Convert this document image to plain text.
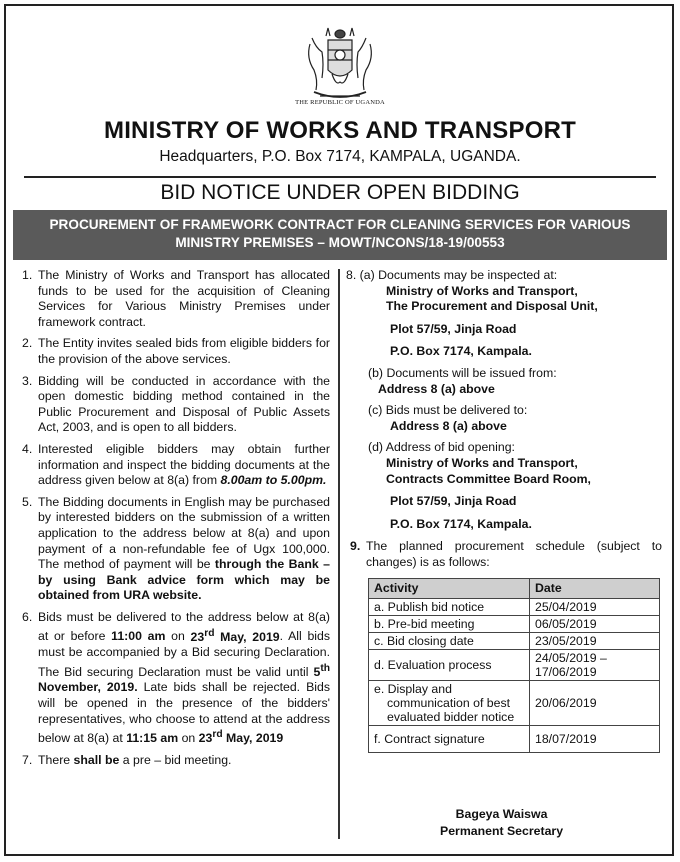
THE REPUBLIC OF UGANDA
MINISTRY OF WORKS AND TRANSPORT
Headquarters, P.O. Box 7174, KAMPALA, UGANDA.
BID NOTICE UNDER OPEN BIDDING
PROCUREMENT OF FRAMEWORK CONTRACT FOR CLEANING SERVICES FOR VARIOUS
MINISTRY PREMISES – MOWT/NCONS/18-19/00553
1. The Ministry of Works and Transport has allocated funds to be used for the acquisition of Cleaning Services for Various Ministry Premises under framework contract.
2. The Entity invites sealed bids from eligible bidders for the provision of the above services.
3. Bidding will be conducted in accordance with the open domestic bidding method contained in the Public Procurement and Disposal of Public Assets Act, 2003, and is open to all bidders.
4. Interested eligible bidders may obtain further information and inspect the bidding documents at the address given below at 8(a) from 8.00am to 5.00pm.
5. The Bidding documents in English may be purchased by interested bidders on the submission of a written application to the address below at 8(a) and upon payment of a non-refundable fee of Ugx 100,000. The method of payment will be through the Bank – by using Bank advice form which may be obtained from URA website.
6. Bids must be delivered to the address below at 8(a) at or before 11:00 am on 23rd May, 2019. All bids must be accompanied by a Bid securing Declaration. The Bid securing Declaration must be valid until 5th November, 2019. Late bids shall be rejected. Bids will be opened in the presence of the bidders' representatives, who choose to attend at the address below at 8(a) at 11:15 am on 23rd May, 2019
7. There shall be a pre – bid meeting.
8. (a) Documents may be inspected at:
Ministry of Works and Transport,
The Procurement and Disposal Unit,
Plot 57/59, Jinja Road
P.O. Box 7174, Kampala.
(b) Documents will be issued from:
Address 8 (a) above
(c) Bids must be delivered to:
Address 8 (a) above
(d) Address of bid opening:
Ministry of Works and Transport,
Contracts Committee Board Room,
Plot 57/59, Jinja Road
P.O. Box 7174, Kampala.
9. The planned procurement schedule (subject to changes) is as follows:
Activity	Date
a. Publish bid notice	25/04/2019
b. Pre-bid meeting	06/05/2019
c. Bid closing date	23/05/2019
d. Evaluation process	24/05/2019 – 17/06/2019
e. Display and communication of best evaluated bidder notice	20/06/2019
f. Contract signature	18/07/2019
Bageya Waiswa
Permanent Secretary
